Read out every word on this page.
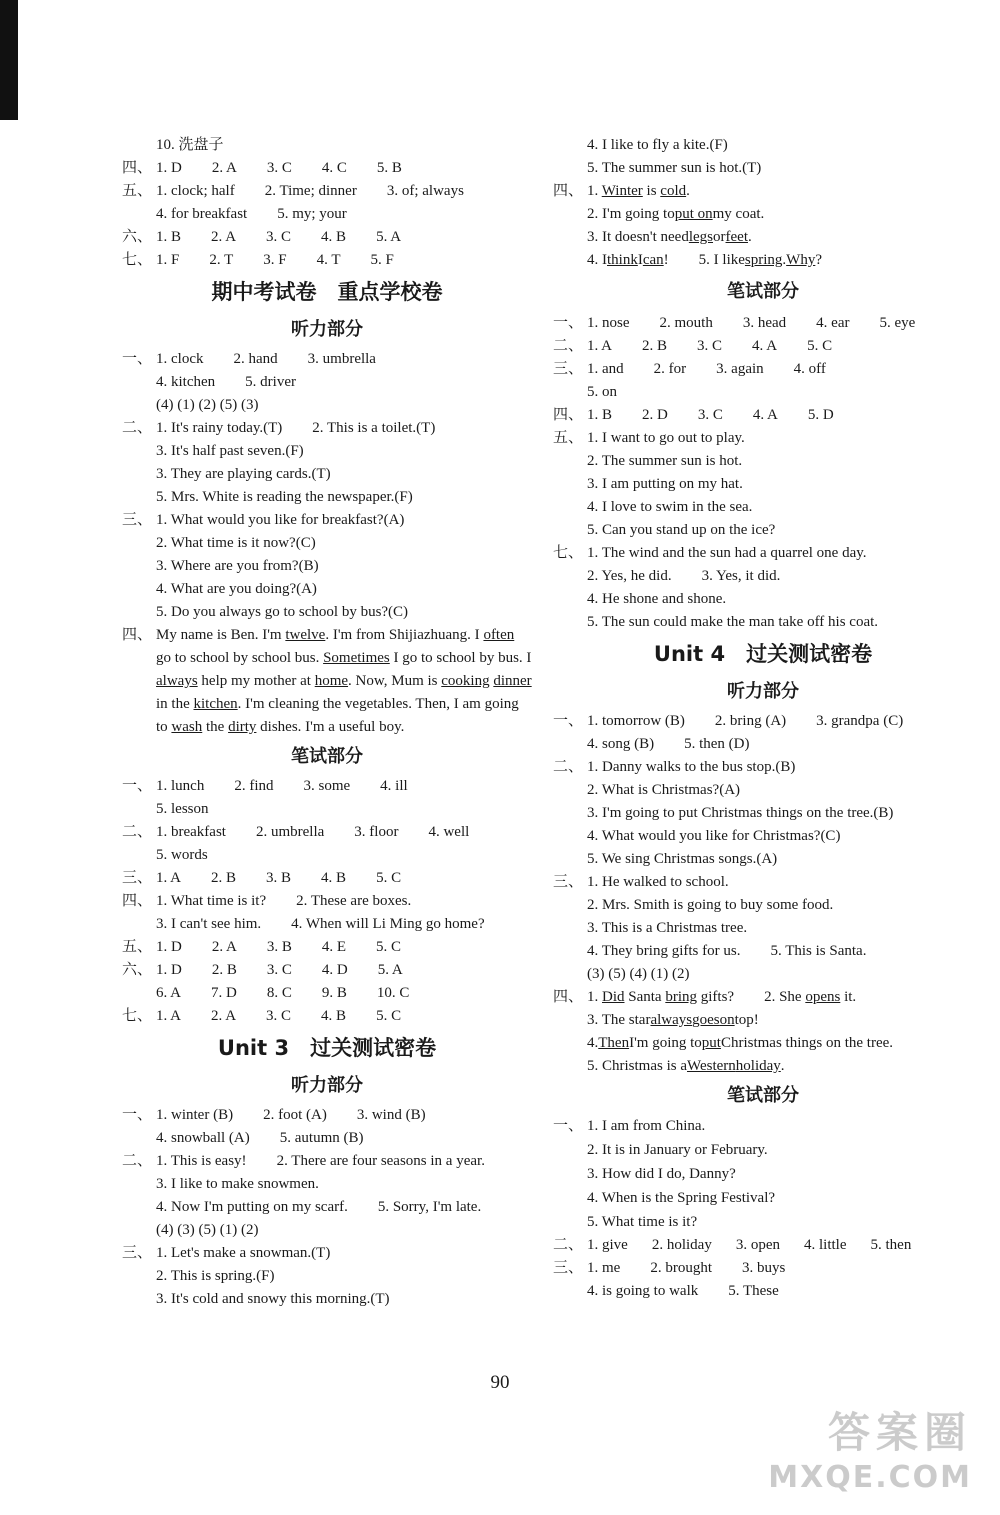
10. 洗盘子
四、 1. D 2. A 3. C 4. C 5. B
五、 1. clock; half 2. Time; dinner 3. of; always
4. for breakfast 5. my; your
六、 1. B 2. A 3. C 4. B 5. A
七、 1. F 2. T 3. F 4. T 5. F
期中考试卷　重点学校卷
听力部分
一、 1. clock 2. hand 3. umbrella
4. kitchen 5. driver
(4) (1) (2) (5) (3)
二、 1. It's rainy today.(T) 2. This is a toilet.(T)
3. It's half past seven.(F)
3. They are playing cards.(T)
5. Mrs. White is reading the newspaper.(F)
三、 1. What would you like for breakfast?(A)
2. What time is it now?(C)
3. Where are you from?(B)
4. What are you doing?(A)
5. Do you always go to school by bus?(C)
四、 My name is Ben. I'm twelve. I'm from Shijiazhuang. I often go to school by school bus. Sometimes I go to school by bus. I always help my mother at home. Now, Mum is cooking dinner in the kitchen. I'm cleaning the vegetables. Then, I am going to wash the dirty dishes. I'm a useful boy.
笔试部分
一、 1. lunch 2. find 3. some 4. ill
5. lesson
二、 1. breakfast 2. umbrella 3. floor 4. well
5. words
三、 1. A 2. B 3. B 4. B 5. C
四、 1. What time is it? 2. These are boxes.
3. I can't see him. 4. When will Li Ming go home?
五、 1. D 2. A 3. B 4. E 5. C
六、 1. D 2. B 3. C 4. D 5. A
6. A 7. D 8. C 9. B 10. C
七、 1. A 2. A 3. C 4. B 5. C
Unit 3　过关测试密卷
听力部分
一、 1. winter (B) 2. foot (A) 3. wind (B)
4. snowball (A) 5. autumn (B)
二、 1. This is easy! 2. There are four seasons in a year.
3. I like to make snowmen.
4. Now I'm putting on my scarf. 5. Sorry, I'm late.
(4) (3) (5) (1) (2)
三、 1. Let's make a snowman.(T)
2. This is spring.(F)
3. It's cold and snowy this morning.(T)
4. I like to fly a kite.(F)
5. The summer sun is hot.(T)
四、 1. Winter is cold.
2. I'm going to put on my coat.
3. It doesn't need legs or feet .
4. I think I can ! 5. I like spring . Why ?
笔试部分
一、 1. nose 2. mouth 3. head 4. ear 5. eye
二、 1. A 2. B 3. C 4. A 5. C
三、 1. and 2. for 3. again 4. off
5. on
四、 1. B 2. D 3. C 4. A 5. D
五、 1. I want to go out to play.
2. The summer sun is hot.
3. I am putting on my hat.
4. I love to swim in the sea.
5. Can you stand up on the ice?
七、 1. The wind and the sun had a quarrel one day.
2. Yes, he did. 3. Yes, it did.
4. He shone and shone.
5. The sun could make the man take off his coat.
Unit 4　过关测试密卷
听力部分
一、 1. tomorrow (B) 2. bring (A) 3. grandpa (C)
4. song (B) 5. then (D)
二、 1. Danny walks to the bus stop.(B)
2. What is Christmas?(A)
3. I'm going to put Christmas things on the tree.(B)
4. What would you like for Christmas?(C)
5. We sing Christmas songs.(A)
三、 1. He walked to school.
2. Mrs. Smith is going to buy some food.
3. This is a Christmas tree.
4. They bring gifts for us. 5. This is Santa.
(3) (5) (4) (1) (2)
四、 1. Did Santa bring gifts? 2. She opens it.
3. The star always goes on top!
4. Then I'm going to put Christmas things on the tree.
5. Christmas is a Western holiday .
笔试部分
一、 1. I am from China.
2. It is in January or February.
3. How did I do, Danny?
4. When is the Spring Festival?
5. What time is it?
二、 1. give 2. holiday 3. open 4. little 5. then
三、 1. me 2. brought 3. buys
4. is going to walk 5. These
90
答案圈
MXQE.COM
